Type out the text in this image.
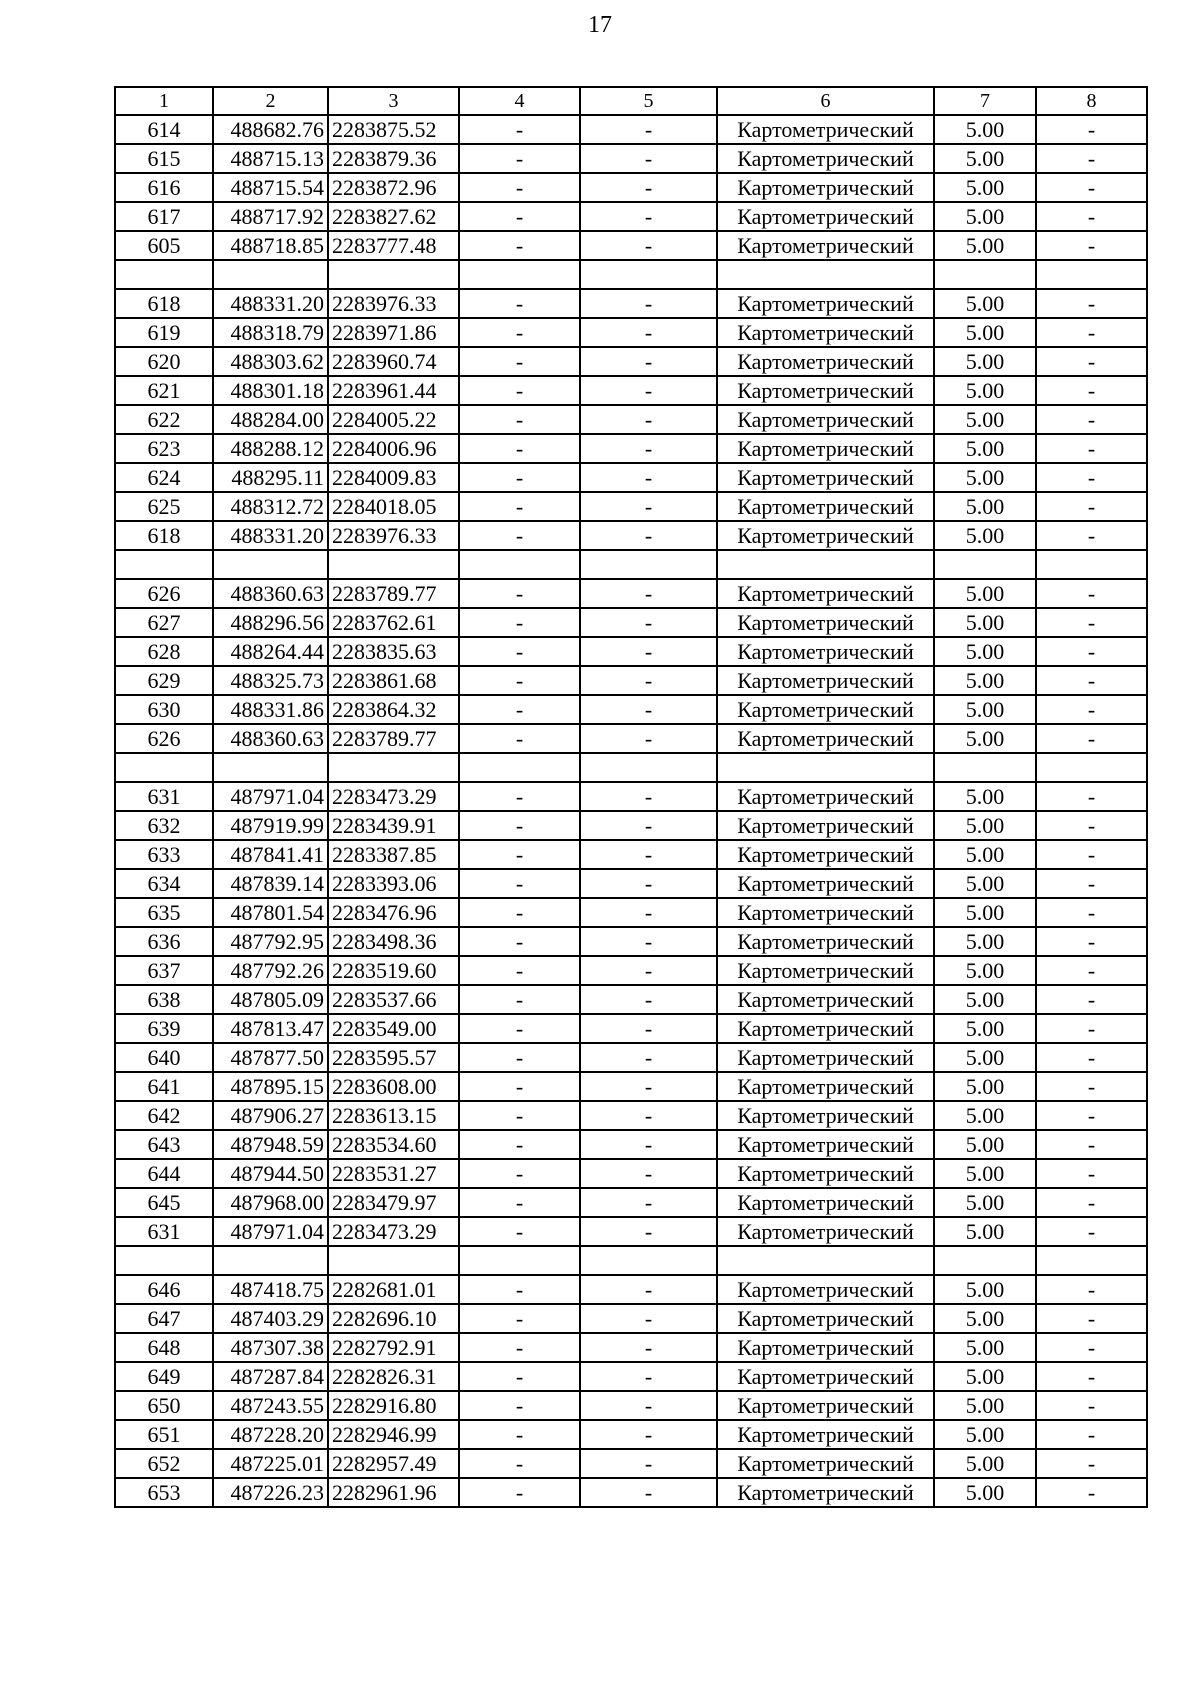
17
1	2	3	4	5	6	7	8
614	488682.76	2283875.52	-	-	Картометрический	5.00	-
615	488715.13	2283879.36	-	-	Картометрический	5.00	-
616	488715.54	2283872.96	-	-	Картометрический	5.00	-
617	488717.92	2283827.62	-	-	Картометрический	5.00	-
605	488718.85	2283777.48	-	-	Картометрический	5.00	-

618	488331.20	2283976.33	-	-	Картометрический	5.00	-
619	488318.79	2283971.86	-	-	Картометрический	5.00	-
620	488303.62	2283960.74	-	-	Картометрический	5.00	-
621	488301.18	2283961.44	-	-	Картометрический	5.00	-
622	488284.00	2284005.22	-	-	Картометрический	5.00	-
623	488288.12	2284006.96	-	-	Картометрический	5.00	-
624	488295.11	2284009.83	-	-	Картометрический	5.00	-
625	488312.72	2284018.05	-	-	Картометрический	5.00	-
618	488331.20	2283976.33	-	-	Картометрический	5.00	-

626	488360.63	2283789.77	-	-	Картометрический	5.00	-
627	488296.56	2283762.61	-	-	Картометрический	5.00	-
628	488264.44	2283835.63	-	-	Картометрический	5.00	-
629	488325.73	2283861.68	-	-	Картометрический	5.00	-
630	488331.86	2283864.32	-	-	Картометрический	5.00	-
626	488360.63	2283789.77	-	-	Картометрический	5.00	-

631	487971.04	2283473.29	-	-	Картометрический	5.00	-
632	487919.99	2283439.91	-	-	Картометрический	5.00	-
633	487841.41	2283387.85	-	-	Картометрический	5.00	-
634	487839.14	2283393.06	-	-	Картометрический	5.00	-
635	487801.54	2283476.96	-	-	Картометрический	5.00	-
636	487792.95	2283498.36	-	-	Картометрический	5.00	-
637	487792.26	2283519.60	-	-	Картометрический	5.00	-
638	487805.09	2283537.66	-	-	Картометрический	5.00	-
639	487813.47	2283549.00	-	-	Картометрический	5.00	-
640	487877.50	2283595.57	-	-	Картометрический	5.00	-
641	487895.15	2283608.00	-	-	Картометрический	5.00	-
642	487906.27	2283613.15	-	-	Картометрический	5.00	-
643	487948.59	2283534.60	-	-	Картометрический	5.00	-
644	487944.50	2283531.27	-	-	Картометрический	5.00	-
645	487968.00	2283479.97	-	-	Картометрический	5.00	-
631	487971.04	2283473.29	-	-	Картометрический	5.00	-

646	487418.75	2282681.01	-	-	Картометрический	5.00	-
647	487403.29	2282696.10	-	-	Картометрический	5.00	-
648	487307.38	2282792.91	-	-	Картометрический	5.00	-
649	487287.84	2282826.31	-	-	Картометрический	5.00	-
650	487243.55	2282916.80	-	-	Картометрический	5.00	-
651	487228.20	2282946.99	-	-	Картометрический	5.00	-
652	487225.01	2282957.49	-	-	Картометрический	5.00	-
653	487226.23	2282961.96	-	-	Картометрический	5.00	-
